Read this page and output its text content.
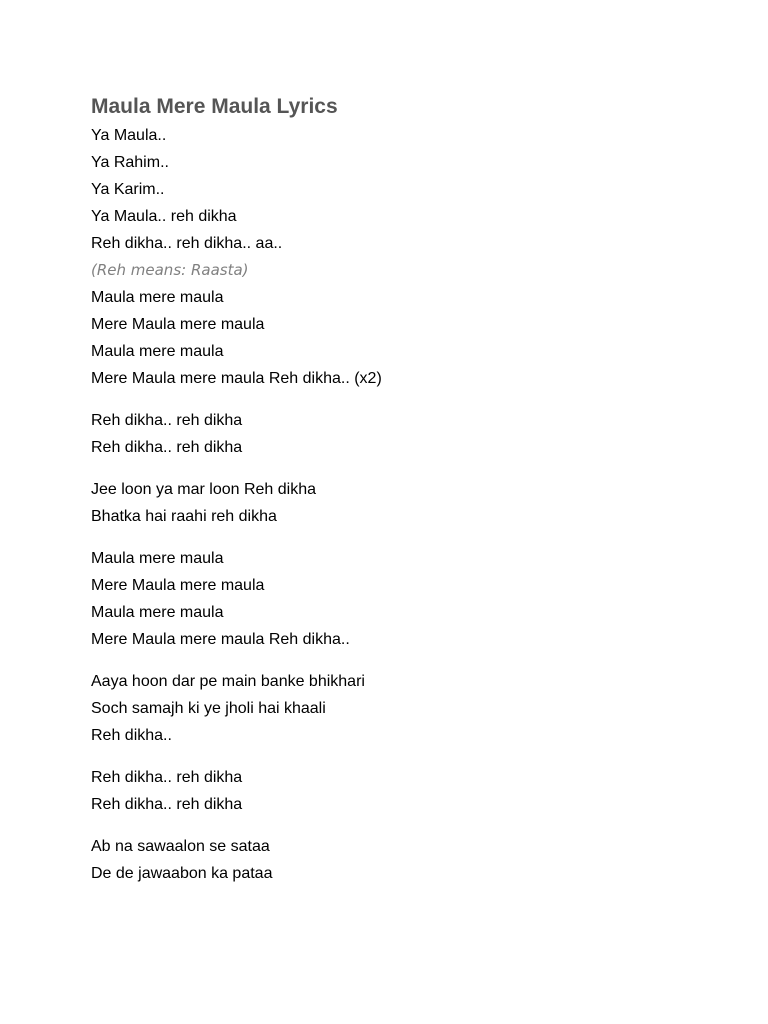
Maula Mere Maula Lyrics
Ya Maula..
Ya Rahim..
Ya Karim..
Ya Maula.. reh dikha
Reh dikha.. reh dikha.. aa..
(Reh means: Raasta)
Maula mere maula
Mere Maula mere maula
Maula mere maula
Mere Maula mere maula Reh dikha.. (x2)
Reh dikha.. reh dikha
Reh dikha.. reh dikha
Jee loon ya mar loon Reh dikha
Bhatka hai raahi reh dikha
Maula mere maula
Mere Maula mere maula
Maula mere maula
Mere Maula mere maula Reh dikha..
Aaya hoon dar pe main banke bhikhari
Soch samajh ki ye jholi hai khaali
Reh dikha..
Reh dikha.. reh dikha
Reh dikha.. reh dikha
Ab na sawaalon se sataa
De de jawaabon ka pataa
